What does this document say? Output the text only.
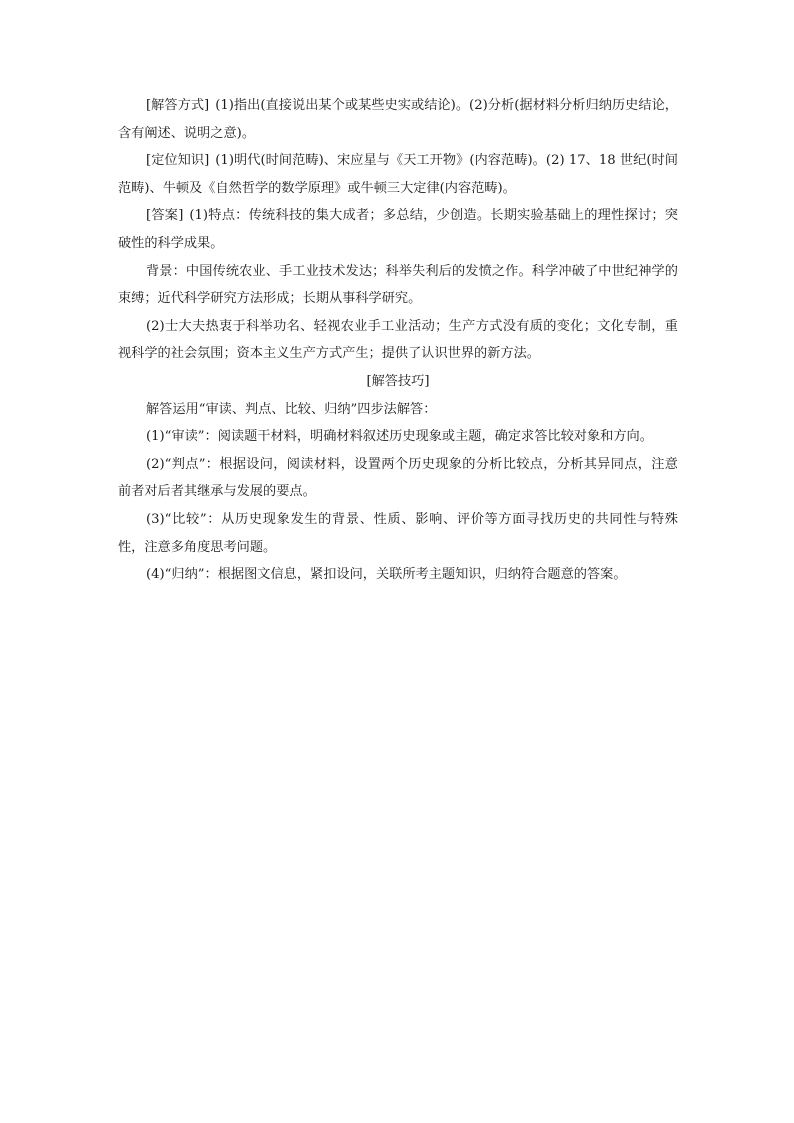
[解答方式] (1)指出(直接说出某个或某些史实或结论)。(2)分析(据材料分析归纳历史结论，含有阐述、说明之意)。

[定位知识] (1)明代(时间范畴)、宋应星与《天工开物》(内容范畴)。(2) 17、18 世纪(时间范畴)、牛顿及《自然哲学的数学原理》或牛顿三大定律(内容范畴)。

[答案] (1)特点：传统科技的集大成者；多总结，少创造。长期实验基础上的理性探讨；突破性的科学成果。

背景：中国传统农业、手工业技术发达；科举失利后的发愤之作。科学冲破了中世纪神学的束缚；近代科学研究方法形成；长期从事科学研究。

(2)士大夫热衷于科举功名、轻视农业手工业活动；生产方式没有质的变化；文化专制，重视科学的社会氛围；资本主义生产方式产生；提供了认识世界的新方法。

[解答技巧]

解答运用“审读、判点、比较、归纳”四步法解答：

(1)“审读”：阅读题干材料，明确材料叙述历史现象或主题，确定求答比较对象和方向。

(2)“判点”：根据设问，阅读材料，设置两个历史现象的分析比较点，分析其异同点，注意前者对后者其继承与发展的要点。

(3)“比较”：从历史现象发生的背景、性质、影响、评价等方面寻找历史的共同性与特殊性，注意多角度思考问题。

(4)“归纳”：根据图文信息，紧扣设问，关联所考主题知识，归纳符合题意的答案。
